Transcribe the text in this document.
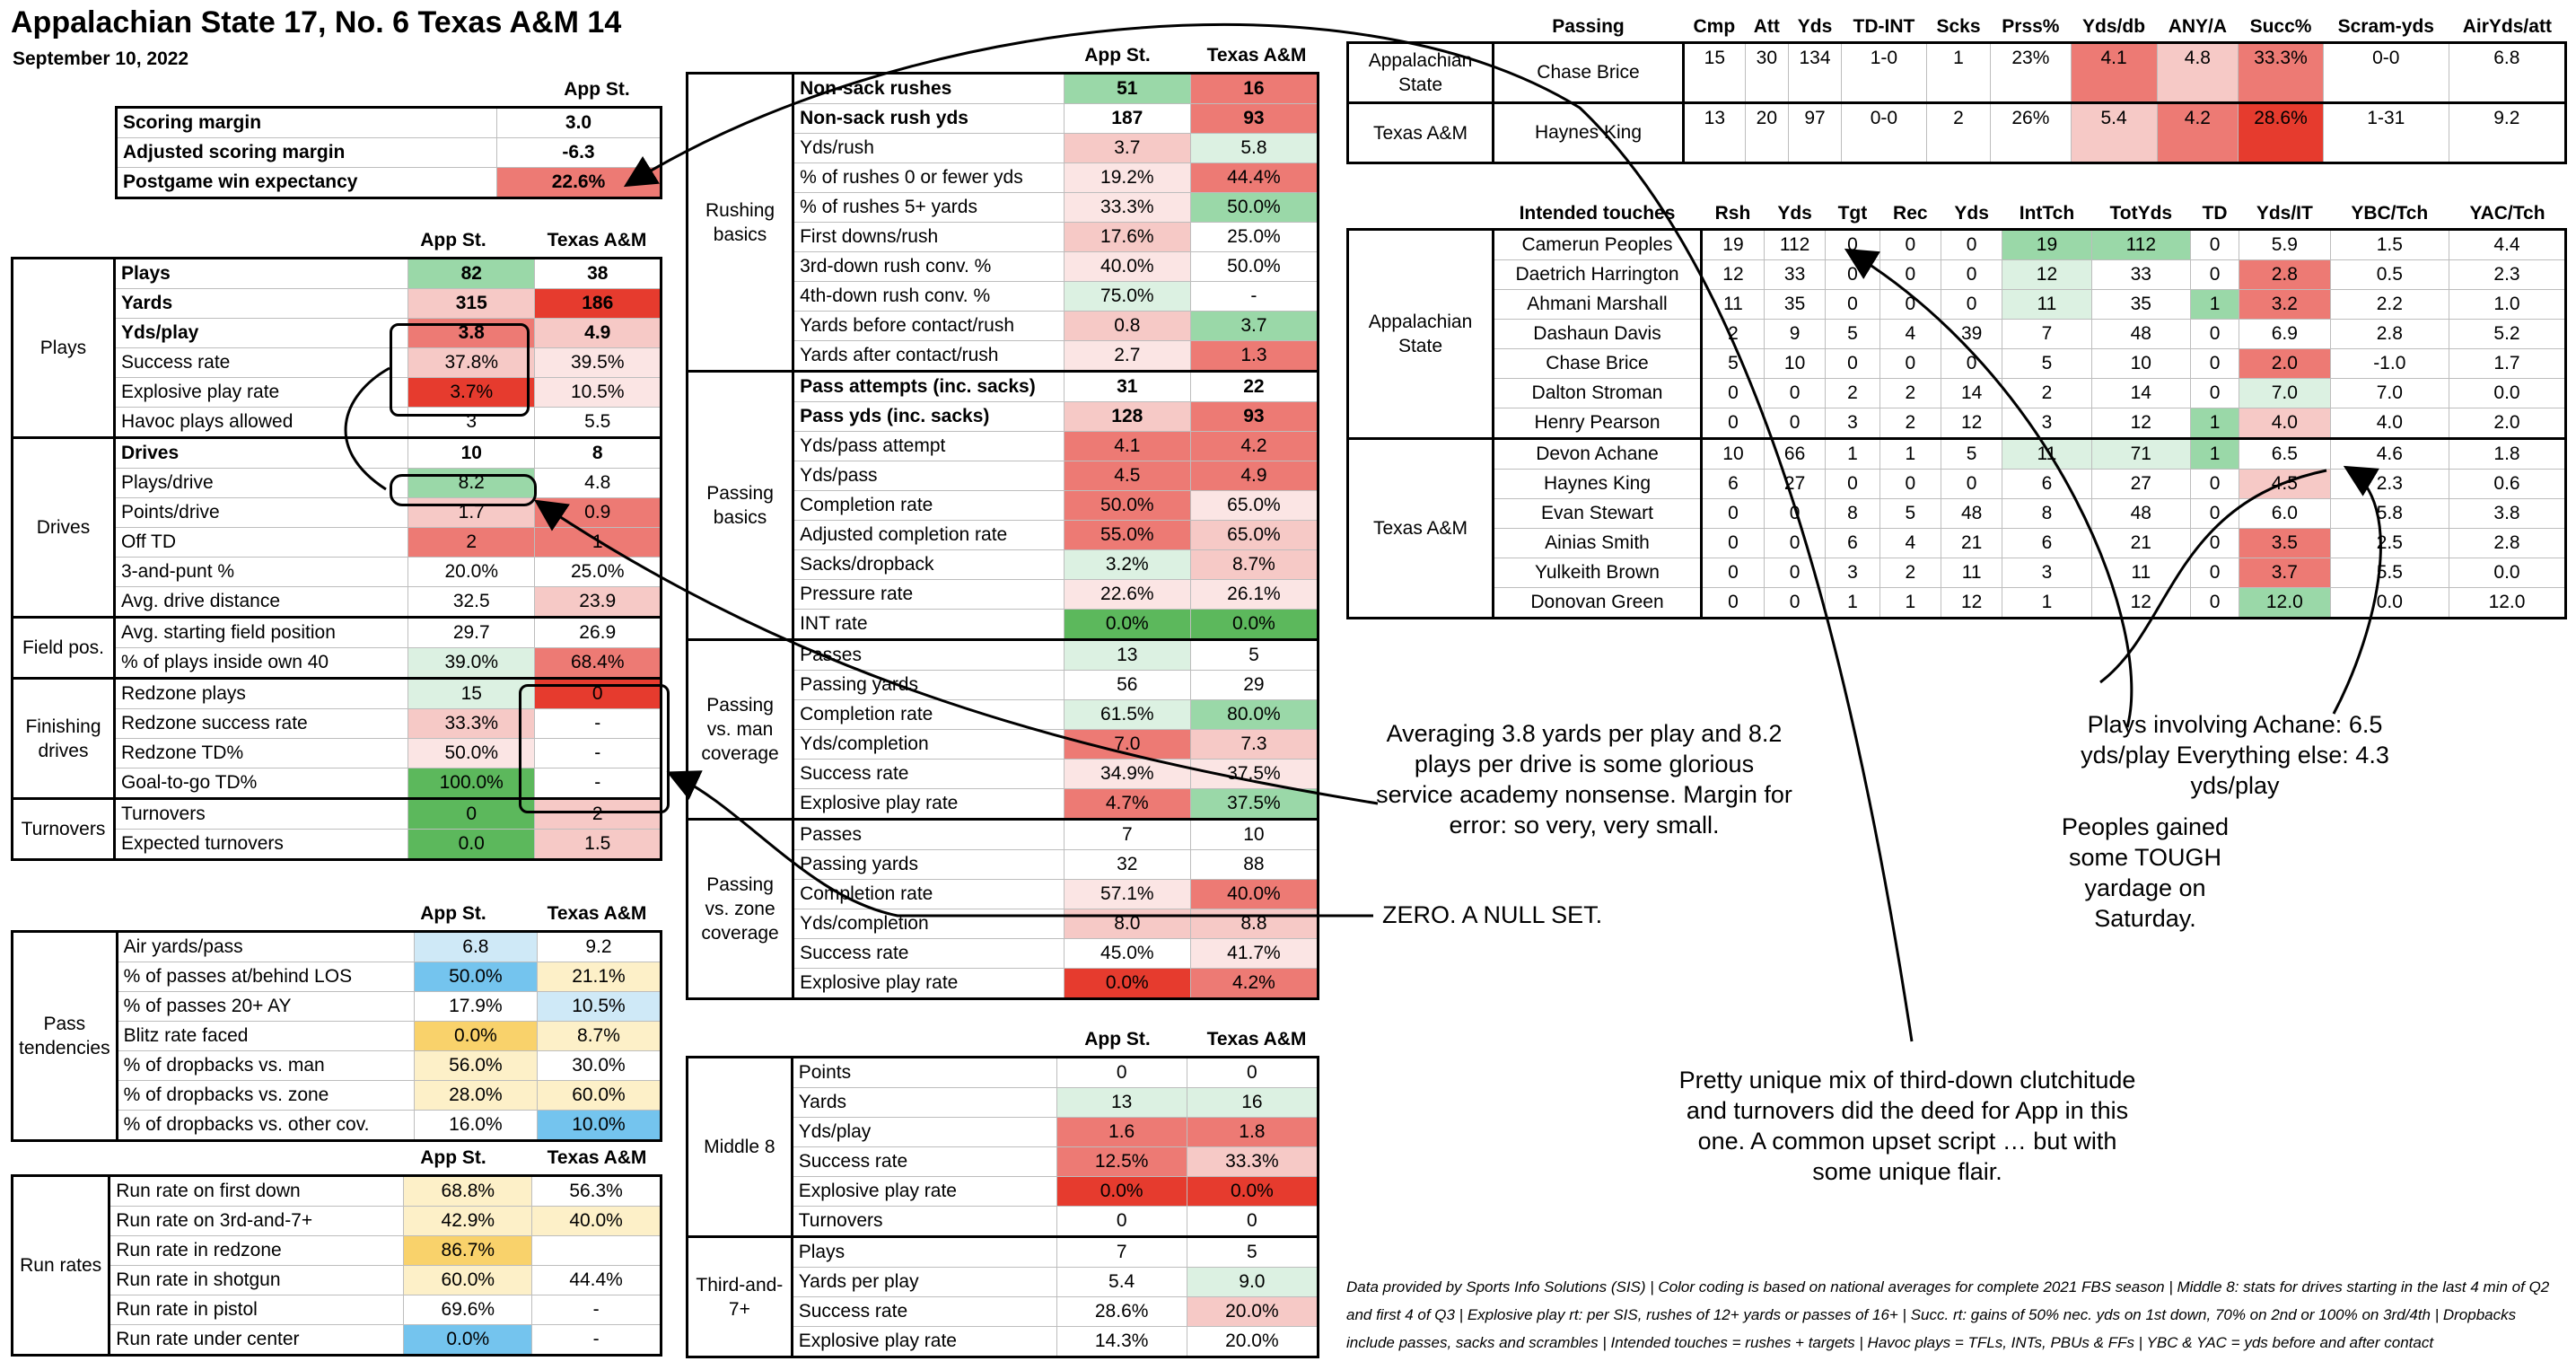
Appalachian State 17, No. 6 Texas A&M 14
September 10, 2022
App St.
Scoring margin	3.0
Adjusted scoring margin	-6.3
Postgame win expectancy	22.6%
App St.	Texas A&M
Plays	Plays	82	38
	Yards	315	186
	Yds/play	3.8	4.9
	Success rate	37.8%	39.5%
	Explosive play rate	3.7%	10.5%
	Havoc plays allowed	3	5.5
Drives	Drives	10	8
	Plays/drive	8.2	4.8
	Points/drive	1.7	0.9
	Off TD	2	1
	3-and-punt %	20.0%	25.0%
	Avg. drive distance	32.5	23.9
Field pos.	Avg. starting field position	29.7	26.9
	% of plays inside own 40	39.0%	68.4%
Finishing drives	Redzone plays	15	0
	Redzone success rate	33.3%	-
	Redzone TD%	50.0%	-
	Goal-to-go TD%	100.0%	-
Turnovers	Turnovers	0	2
	Expected turnovers	0.0	1.5
App St.	Texas A&M
Pass tendencies	Air yards/pass	6.8	9.2
	% of passes at/behind LOS	50.0%	21.1%
	% of passes 20+ AY	17.9%	10.5%
	Blitz rate faced	0.0%	8.7%
	% of dropbacks vs. man	56.0%	30.0%
	% of dropbacks vs. zone	28.0%	60.0%
	% of dropbacks vs. other cov.	16.0%	10.0%
App St.	Texas A&M
Run rates	Run rate on first down	68.8%	56.3%
	Run rate on 3rd-and-7+	42.9%	40.0%
	Run rate in redzone	86.7%	
	Run rate in shotgun	60.0%	44.4%
	Run rate in pistol	69.6%	-
	Run rate under center	0.0%	-
App St.	Texas A&M
Rushing basics	Non-sack rushes	51	16
	Non-sack rush yds	187	93
	Yds/rush	3.7	5.8
	% of rushes 0 or fewer yds	19.2%	44.4%
	% of rushes 5+ yards	33.3%	50.0%
	First downs/rush	17.6%	25.0%
	3rd-down rush conv. %	40.0%	50.0%
	4th-down rush conv. %	75.0%	-
	Yards before contact/rush	0.8	3.7
	Yards after contact/rush	2.7	1.3
Passing basics	Pass attempts (inc. sacks)	31	22
	Pass yds (inc. sacks)	128	93
	Yds/pass attempt	4.1	4.2
	Yds/pass	4.5	4.9
	Completion rate	50.0%	65.0%
	Adjusted completion rate	55.0%	65.0%
	Sacks/dropback	3.2%	8.7%
	Pressure rate	22.6%	26.1%
	INT rate	0.0%	0.0%
Passing vs. man coverage	Passes	13	5
	Passing yards	56	29
	Completion rate	61.5%	80.0%
	Yds/completion	7.0	7.3
	Success rate	34.9%	37.5%
	Explosive play rate	4.7%	37.5%
Passing vs. zone coverage	Passes	7	10
	Passing yards	32	88
	Completion rate	57.1%	40.0%
	Yds/completion	8.0	8.8
	Success rate	45.0%	41.7%
	Explosive play rate	0.0%	4.2%
App St.	Texas A&M
Middle 8	Points	0	0
	Yards	13	16
	Yds/play	1.6	1.8
	Success rate	12.5%	33.3%
	Explosive play rate	0.0%	0.0%
	Turnovers	0	0
Third-and-7+	Plays	7	5
	Yards per play	5.4	9.0
	Success rate	28.6%	20.0%
	Explosive play rate	14.3%	20.0%
	Passing	Cmp	Att	Yds	TD-INT	Scks	Prss%	Yds/db	ANY/A	Succ%	Scram-yds	AirYds/att
Appalachian State	Chase Brice	15	30	134	1-0	1	23%	4.1	4.8	33.3%	0-0	6.8
Texas A&M	Haynes King	13	20	97	0-0	2	26%	5.4	4.2	28.6%	1-31	9.2
	Intended touches	Rsh	Yds	Tgt	Rec	Yds	IntTch	TotYds	TD	Yds/IT	YBC/Tch	YAC/Tch
Appalachian State	Camerun Peoples	19	112	0	0	0	19	112	0	5.9	1.5	4.4
	Daetrich Harrington	12	33	0	0	0	12	33	0	2.8	0.5	2.3
	Ahmani Marshall	11	35	0	0	0	11	35	1	3.2	2.2	1.0
	Dashaun Davis	2	9	5	4	39	7	48	0	6.9	2.8	5.2
	Chase Brice	5	10	0	0	0	5	10	0	2.0	-1.0	1.7
	Dalton Stroman	0	0	2	2	14	2	14	0	7.0	7.0	0.0
	Henry Pearson	0	0	3	2	12	3	12	1	4.0	4.0	2.0
Texas A&M	Devon Achane	10	66	1	1	5	11	71	1	6.5	4.6	1.8
	Haynes King	6	27	0	0	0	6	27	0	4.5	2.3	0.6
	Evan Stewart	0	0	8	5	48	8	48	0	6.0	5.8	3.8
	Ainias Smith	0	0	6	4	21	6	21	0	3.5	2.5	2.8
	Yulkeith Brown	0	0	3	2	11	3	11	0	3.7	5.5	0.0
	Donovan Green	0	0	1	1	12	1	12	0	12.0	0.0	12.0
Averaging 3.8 yards per play and 8.2 plays per drive is some glorious service academy nonsense. Margin for error: so very, very small.
ZERO. A NULL SET.
Plays involving Achane: 6.5 yds/play Everything else: 4.3 yds/play
Peoples gained some TOUGH yardage on Saturday.
Pretty unique mix of third-down clutchitude and turnovers did the deed for App in this one. A common upset script … but with some unique flair.
Data provided by Sports Info Solutions (SIS) | Color coding is based on national averages for complete 2021 FBS season | Middle 8: stats for drives starting in the last 4 min of Q2 and first 4 of Q3 | Explosive play rt: per SIS, rushes of 12+ yards or passes of 16+ | Succ. rt: gains of 50% nec. yds on 1st down, 70% on 2nd or 100% on 3rd/4th | Dropbacks include passes, sacks and scrambles | Intended touches = rushes + targets | Havoc plays = TFLs, INTs, PBUs & FFs | YBC & YAC = yds before and after contact
